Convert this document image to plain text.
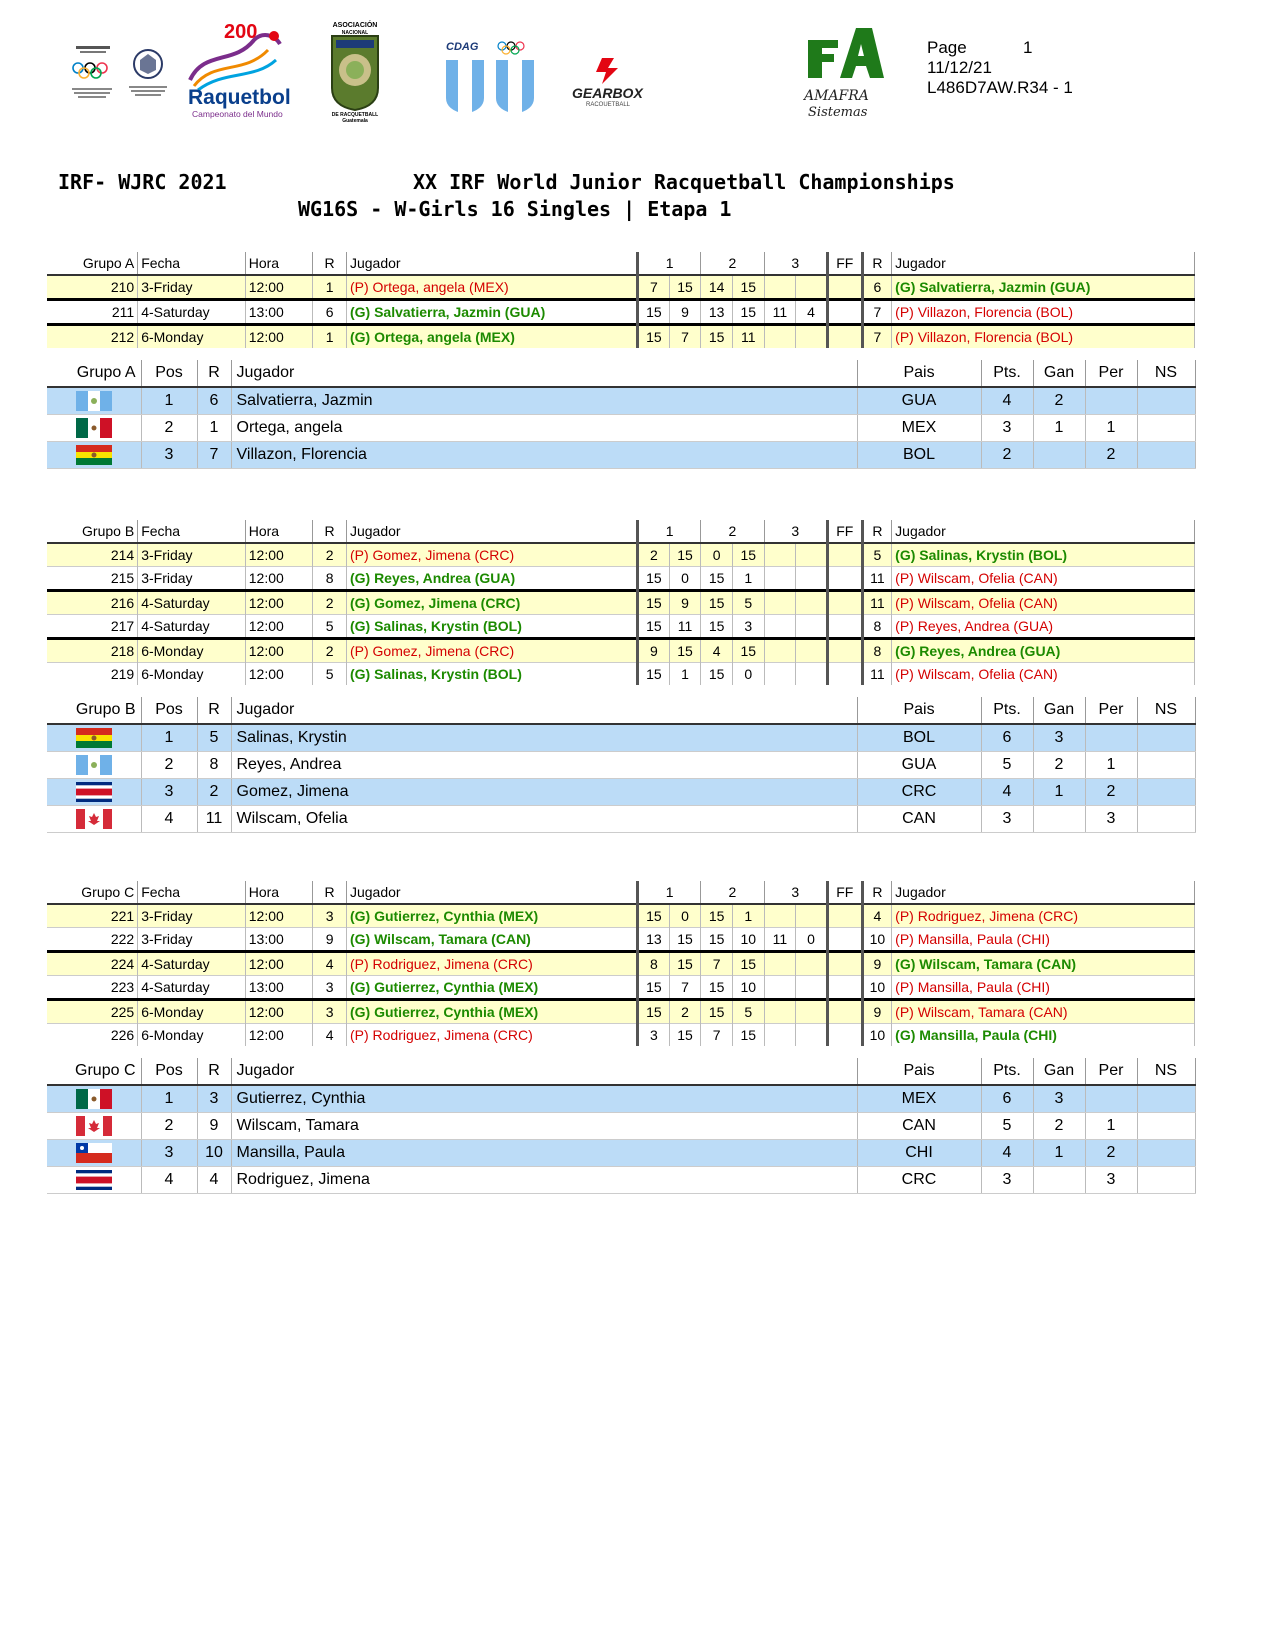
200
Raquetbol
Campeonato del Mundo
ASOCIACIÓN
NACIONAL
DE RACQUETBALL
Guatemala
CDAG
GEARBOX
RACQUETBALL
AMAFRA
Sistemas
Page	1
11/12/21
L486D7AW.R34 - 1
IRF- WJRC 2021	XX IRF World Junior Racquetball Championships
WG16S - W-Girls 16 Singles | Etapa 1
Grupo A	Fecha	Hora	R	Jugador	1		2		3		FF	R	Jugador
210	3-Friday	12:00	1	(P) Ortega, angela (MEX)	7	15	14	15				6	(G) Salvatierra, Jazmin (GUA)
211	4-Saturday	13:00	6	(G) Salvatierra, Jazmin (GUA)	15	9	13	15	11	4		7	(P) Villazon, Florencia (BOL)
212	6-Monday	12:00	1	(G) Ortega, angela (MEX)	15	7	15	11				7	(P) Villazon, Florencia (BOL)
Grupo A	Pos	R	Jugador	Pais	Pts.	Gan	Per	NS

	1	6	Salvatierra, Jazmin	GUA	4	2		

	2	1	Ortega, angela	MEX	3	1	1	

	3	7	Villazon, Florencia	BOL	2		2	
Grupo B	Fecha	Hora	R	Jugador	1		2		3		FF	R	Jugador
214	3-Friday	12:00	2	(P) Gomez, Jimena (CRC)	2	15	0	15				5	(G) Salinas, Krystin (BOL)
215	3-Friday	12:00	8	(G) Reyes, Andrea (GUA)	15	0	15	1				11	(P) Wilscam, Ofelia (CAN)
216	4-Saturday	12:00	2	(G) Gomez, Jimena (CRC)	15	9	15	5				11	(P) Wilscam, Ofelia (CAN)
217	4-Saturday	12:00	5	(G) Salinas, Krystin (BOL)	15	11	15	3				8	(P) Reyes, Andrea (GUA)
218	6-Monday	12:00	2	(P) Gomez, Jimena (CRC)	9	15	4	15				8	(G) Reyes, Andrea (GUA)
219	6-Monday	12:00	5	(G) Salinas, Krystin (BOL)	15	1	15	0				11	(P) Wilscam, Ofelia (CAN)
Grupo B	Pos	R	Jugador	Pais	Pts.	Gan	Per	NS

	1	5	Salinas, Krystin	BOL	6	3		

	2	8	Reyes, Andrea	GUA	5	2	1	

	3	2	Gomez, Jimena	CRC	4	1	2	

	4	11	Wilscam, Ofelia	CAN	3		3	
Grupo C	Fecha	Hora	R	Jugador	1		2		3		FF	R	Jugador
221	3-Friday	12:00	3	(G) Gutierrez, Cynthia (MEX)	15	0	15	1				4	(P) Rodriguez, Jimena (CRC)
222	3-Friday	13:00	9	(G) Wilscam, Tamara (CAN)	13	15	15	10	11	0		10	(P) Mansilla, Paula (CHI)
224	4-Saturday	12:00	4	(P) Rodriguez, Jimena (CRC)	8	15	7	15				9	(G) Wilscam, Tamara (CAN)
223	4-Saturday	13:00	3	(G) Gutierrez, Cynthia (MEX)	15	7	15	10				10	(P) Mansilla, Paula (CHI)
225	6-Monday	12:00	3	(G) Gutierrez, Cynthia (MEX)	15	2	15	5				9	(P) Wilscam, Tamara (CAN)
226	6-Monday	12:00	4	(P) Rodriguez, Jimena (CRC)	3	15	7	15				10	(G) Mansilla, Paula (CHI)
Grupo C	Pos	R	Jugador	Pais	Pts.	Gan	Per	NS

	1	3	Gutierrez, Cynthia	MEX	6	3		

	2	9	Wilscam, Tamara	CAN	5	2	1	

	3	10	Mansilla, Paula	CHI	4	1	2	

	4	4	Rodriguez, Jimena	CRC	3		3	
